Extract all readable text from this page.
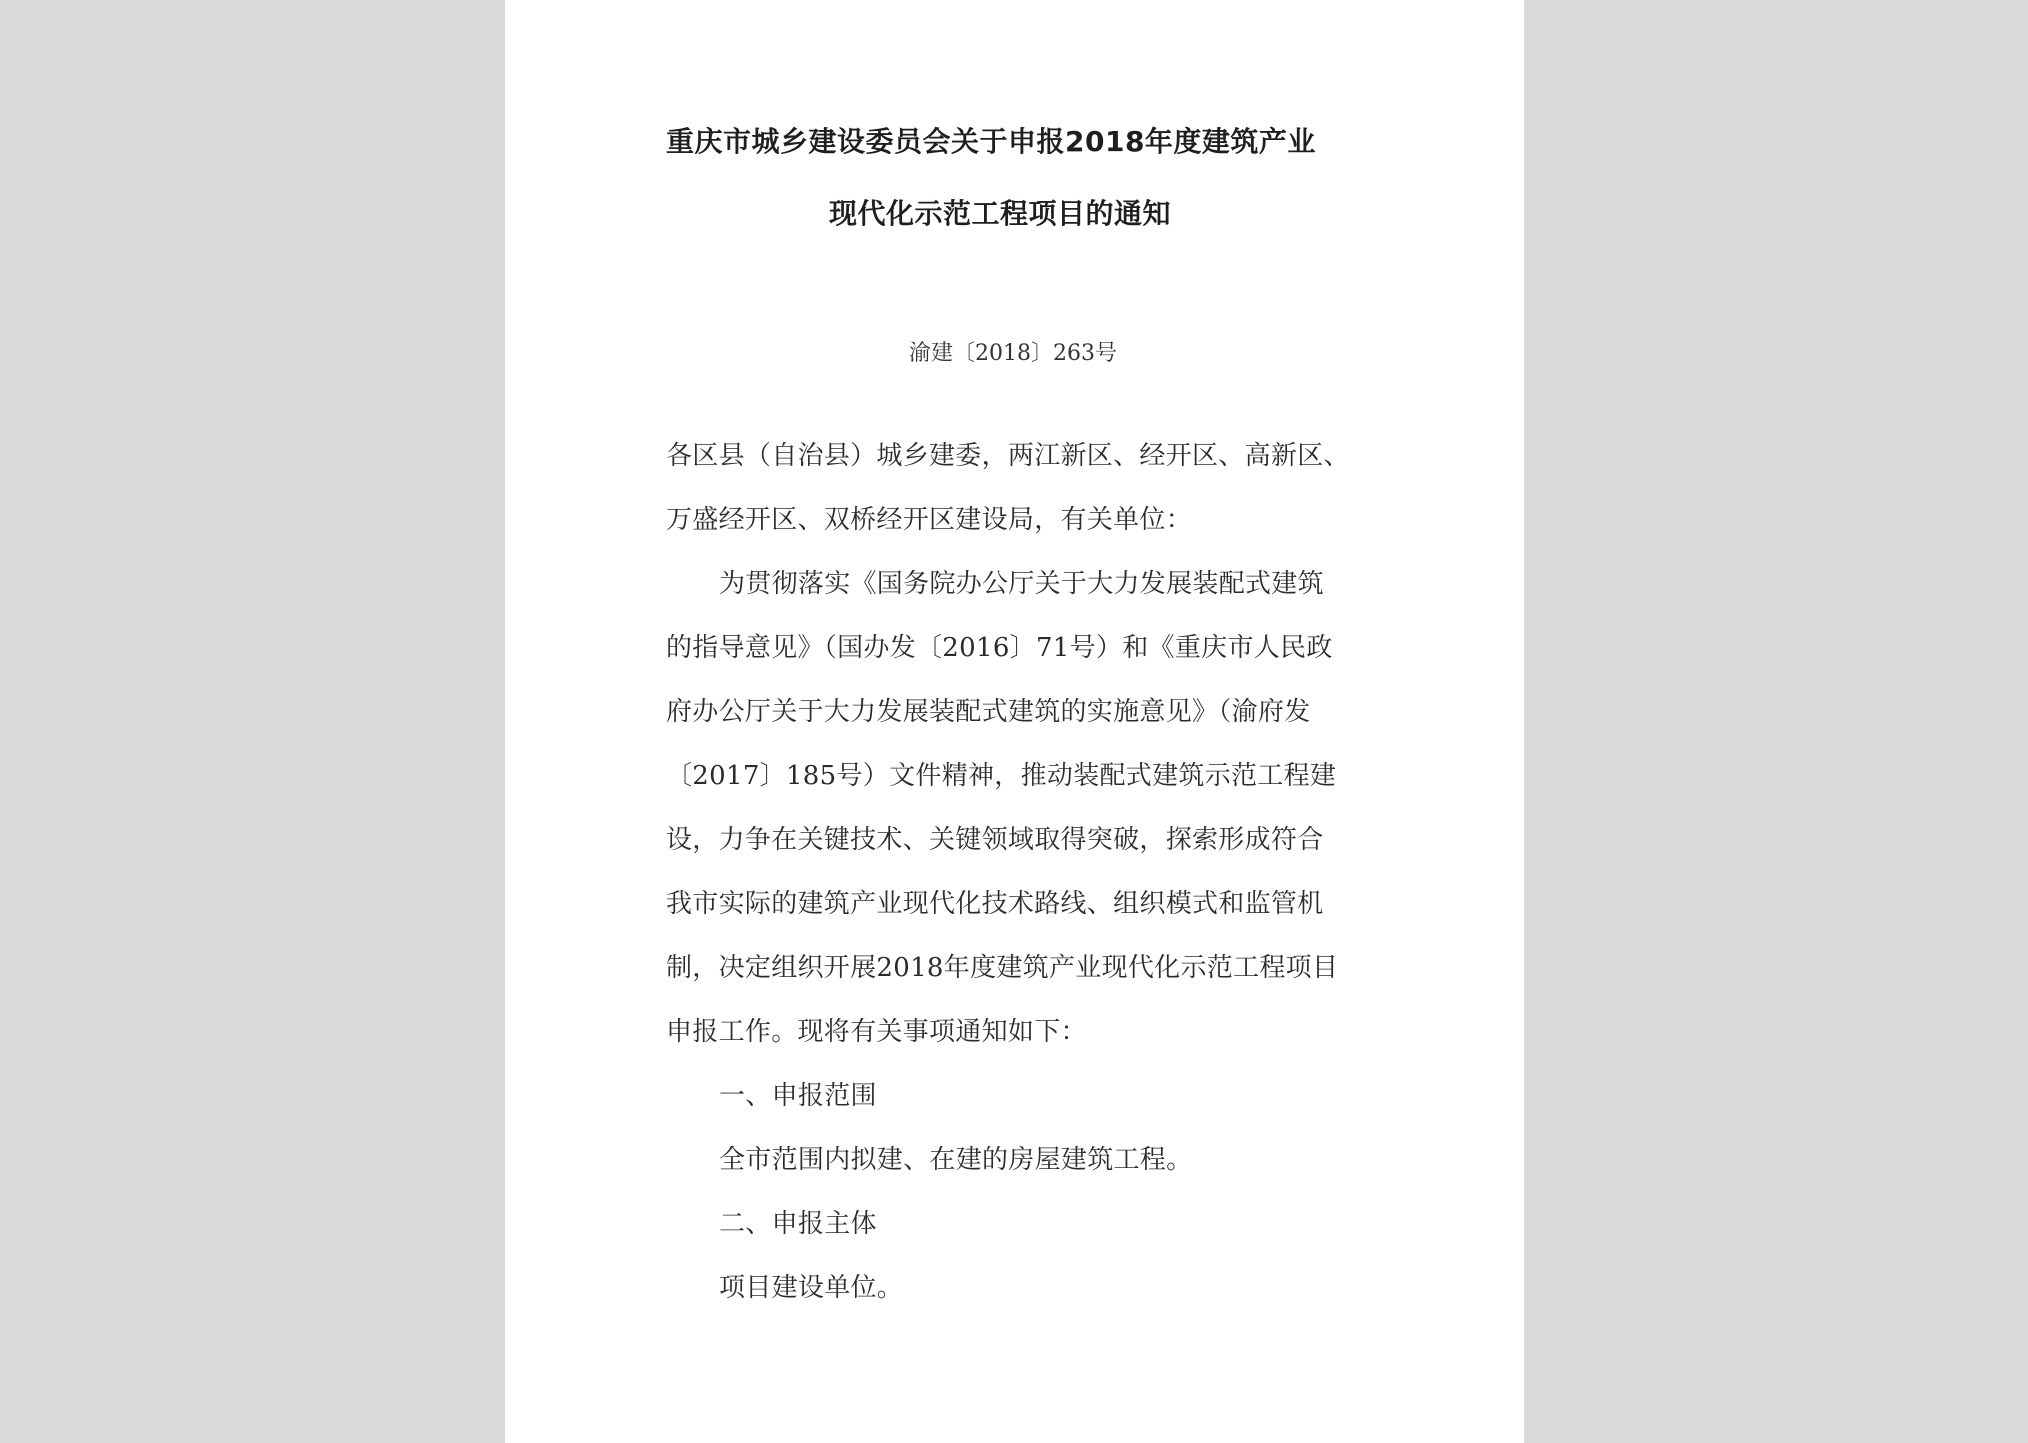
重庆市城乡建设委员会关于申报2018年度建筑产业
现代化示范工程项目的通知
渝建〔2018〕263号
各区县（自治县）城乡建委，两江新区、经开区、高新区、
万盛经开区、双桥经开区建设局，有关单位：
为贯彻落实《国务院办公厅关于大力发展装配式建筑
的指导意见》（国办发〔2016〕71号）和《重庆市人民政
府办公厅关于大力发展装配式建筑的实施意见》（渝府发
〔2017〕185号）文件精神，推动装配式建筑示范工程建
设，力争在关键技术、关键领域取得突破，探索形成符合
我市实际的建筑产业现代化技术路线、组织模式和监管机
制，决定组织开展2018年度建筑产业现代化示范工程项目
申报工作。现将有关事项通知如下：
一、申报范围
全市范围内拟建、在建的房屋建筑工程。
二、申报主体
项目建设单位。
